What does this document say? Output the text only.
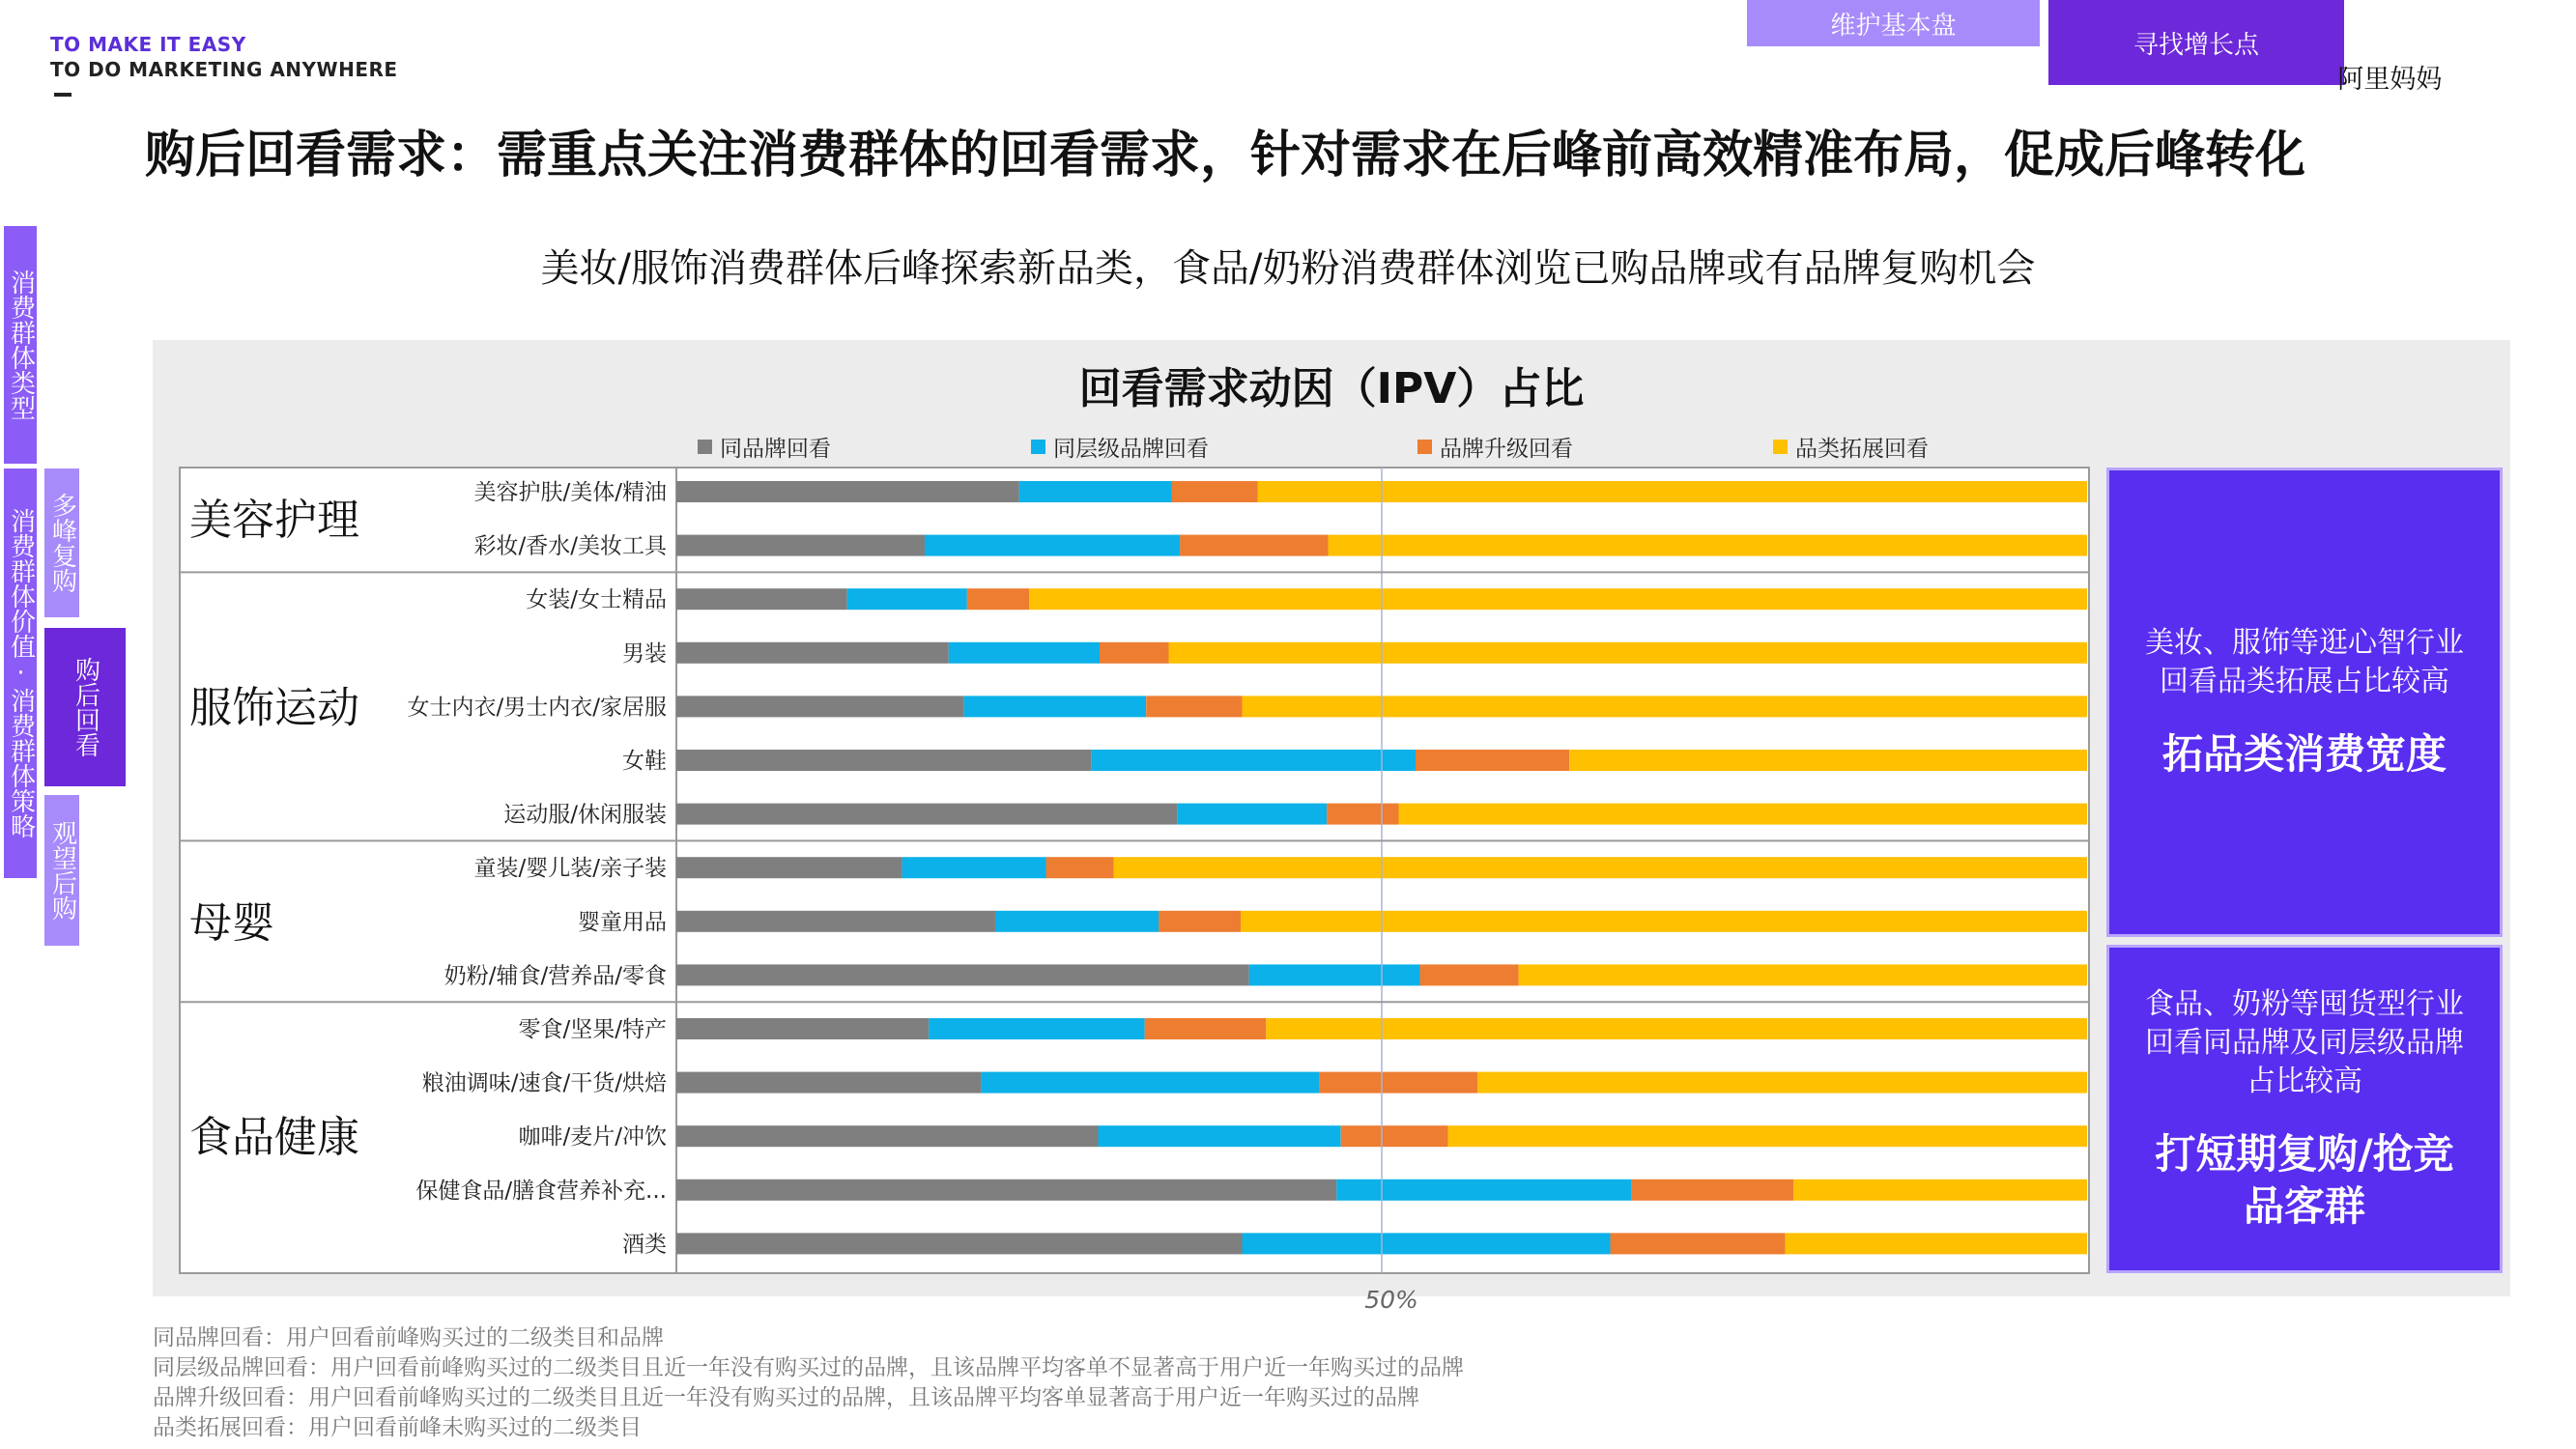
TO MAKE IT EASY
TO DO MARKETING ANYWHERE
维护基本盘
寻找增长点
⁚ 阿里妈妈
购后回看需求：需重点关注消费群体的回看需求，针对需求在后峰前高效精准布局，促成后峰转化
美妆/服饰消费群体后峰探索新品类，食品/奶粉消费群体浏览已购品牌或有品牌复购机会
消费群体类型
消费群体价值·消费群体策略 多峰复购
购后回看
观望后购
回看需求动因（IPV）占比
同品牌回看	同层级品牌回看	品牌升级回看	品类拓展回看
美容护肤/美体/精油
彩妆/香水/美妆工具
女装/女士精品
男装
女士内衣/男士内衣/家居服
女鞋
运动服/休闲服装
童装/婴儿装/亲子装
婴童用品
奶粉/辅食/营养品/零食
零食/坚果/特产
粮油调味/速食/干货/烘焙
咖啡/麦片/冲饮
保健食品/膳食营养补充...
酒类
50%
美容护理
服饰运动
母婴
食品健康
美妆、服饰等逛心智行业
回看品类拓展占比较高
拓品类消费宽度
食品、奶粉等囤货型行业
回看同品牌及同层级品牌
占比较高
打短期复购/抢竞
品客群
同品牌回看：用户回看前峰购买过的二级类目和品牌
同层级品牌回看：用户回看前峰购买过的二级类目且近一年没有购买过的品牌，且该品牌平均客单不显著高于用户近一年购买过的品牌
品牌升级回看：用户回看前峰购买过的二级类目且近一年没有购买过的品牌，且该品牌平均客单显著高于用户近一年购买过的品牌
品类拓展回看：用户回看前峰未购买过的二级类目
